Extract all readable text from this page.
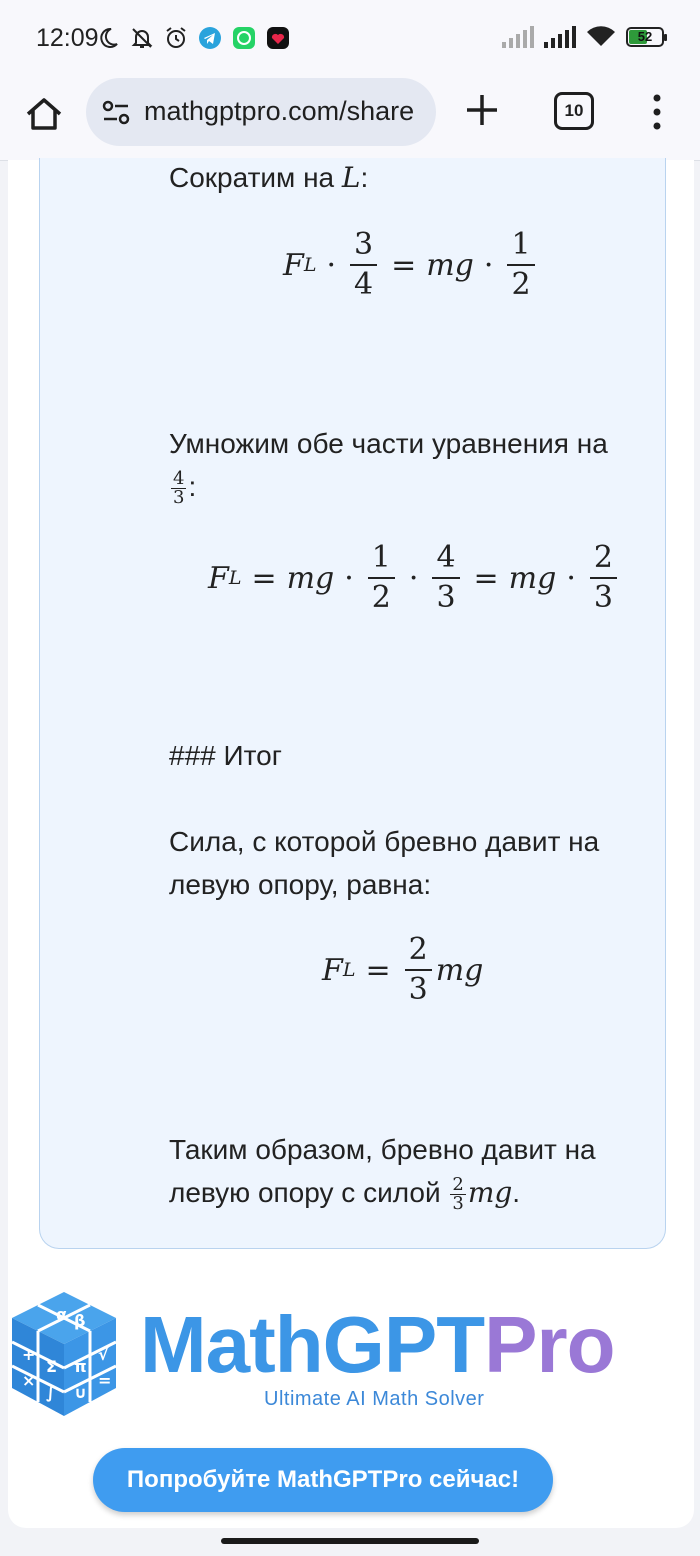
12:09	52
mathgptpro.com/share	10
Сократим на L:
F $L \cdot \frac{3}{4}$ = mg · $\frac{1}{2}$
Умножим обе части уравнения на

$\frac{4}{3}$ :
F L = mg · $\frac{1}{2} \cdot \frac{4}{3}$ = mg · $\frac{2}{3}$
### Итог
Сила, с которой бревно давит на
левую опору, равна:
F $L = \frac{2}{3}$ mg
Таким образом, бревно давит на
левую опору с силой $\frac{2}{3}$ mg.
+
Σ π
√
×
∫ ∪
=
α β MathGPTPro
Ultimate AI Math Solver
Попробуйте MathGPTPro сейчас!
